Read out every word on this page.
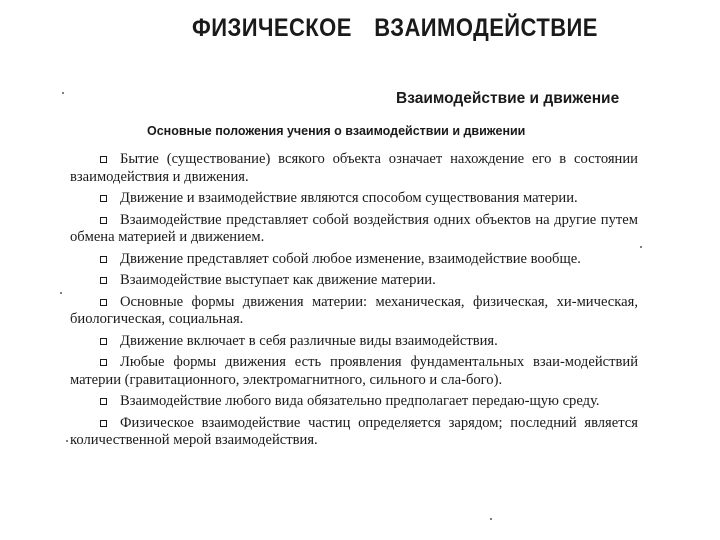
ФИЗИЧЕСКОЕ ВЗАИМОДЕЙСТВИЕ
Взаимодействие и движение
Основные положения учения о взаимодействии и движении
Бытие (существование) всякого объекта означает нахождение его в состоянии взаимодействия и движения.
Движение и взаимодействие являются способом существования материи.
Взаимодействие представляет собой воздействия одних объектов на другие путем обмена материей и движением.
Движение представляет собой любое изменение, взаимодействие вообще.
Взаимодействие выступает как движение материи.
Основные формы движения материи: механическая, физическая, хи-мическая, биологическая, социальная.
Движение включает в себя различные виды взаимодействия.
Любые формы движения есть проявления фундаментальных взаи-модействий материи (гравитационного, электромагнитного, сильного и сла-бого).
Взаимодействие любого вида обязательно предполагает передаю-щую среду.
Физическое взаимодействие частиц определяется зарядом; последний является количественной мерой взаимодействия.
